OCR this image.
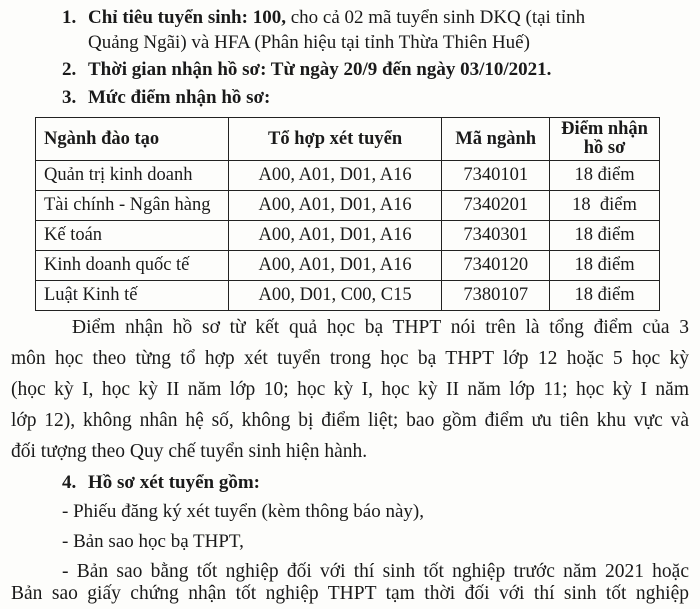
1. Chỉ tiêu tuyển sinh: 100, cho cả 02 mã tuyển sinh DKQ (tại tỉnh
Quảng Ngãi) và HFA (Phân hiệu tại tỉnh Thừa Thiên Huế)
2. Thời gian nhận hồ sơ: Từ ngày 20/9 đến ngày 03/10/2021.
3. Mức điểm nhận hồ sơ:
Ngành đào tạo	Tổ hợp xét tuyển	Mã ngành	Điểm nhận
hồ sơ
Quản trị kinh doanh	A00, A01, D01, A16	7340101	18 điểm
Tài chính - Ngân hàng	A00, A01, D01, A16	7340201	18  điểm
Kế toán	A00, A01, D01, A16	7340301	18 điểm
Kinh doanh quốc tế	A00, A01, D01, A16	7340120	18 điểm
Luật Kinh tế	A00, D01, C00, C15	7380107	18 điểm
Điểm nhận hồ sơ từ kết quả học bạ THPT nói trên là tổng điểm của 3
môn học theo từng tổ hợp xét tuyển trong học bạ THPT lớp 12 hoặc 5 học kỳ
(học kỳ I, học kỳ II năm lớp 10; học kỳ I, học kỳ II năm lớp 11; học kỳ I năm
lớp 12), không nhân hệ số, không bị điểm liệt; bao gồm điểm ưu tiên khu vực và
đối tượng theo Quy chế tuyển sinh hiện hành.
4. Hồ sơ xét tuyển gồm:
- Phiếu đăng ký xét tuyển (kèm thông báo này),
- Bản sao học bạ THPT,
- Bản sao bằng tốt nghiệp đối với thí sinh tốt nghiệp trước năm 2021 hoặc
Bản sao giấy chứng nhận tốt nghiệp THPT tạm thời đối với thí sinh tốt nghiệp
